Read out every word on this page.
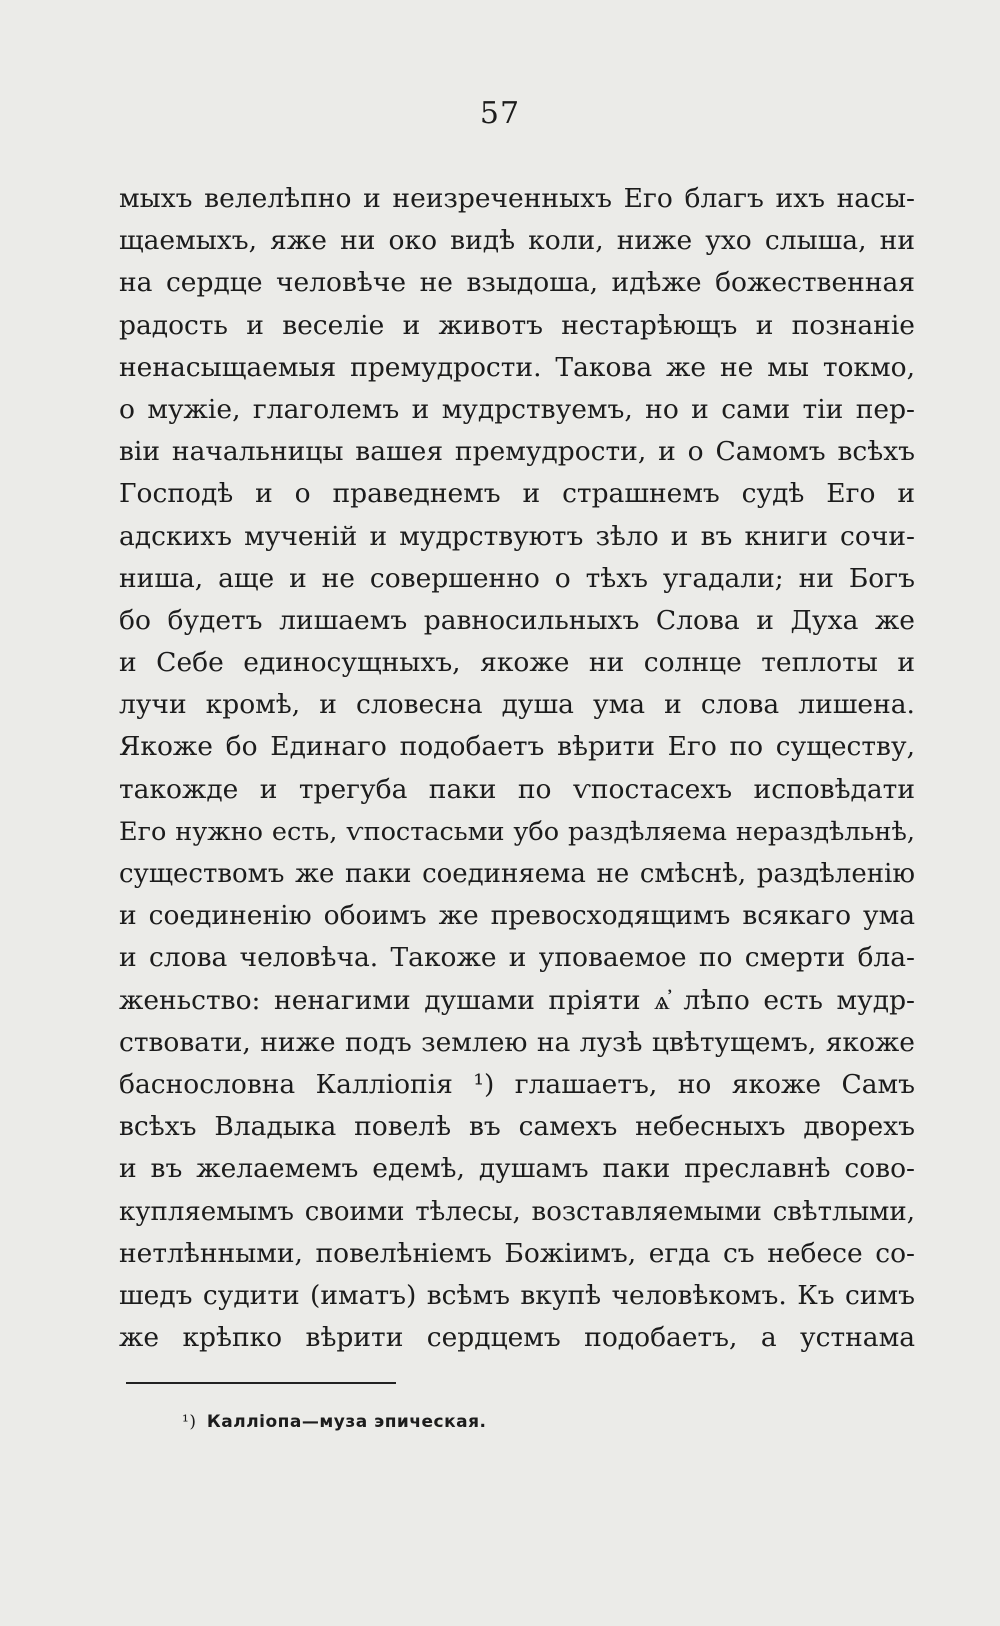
57
мыхъ велелѣпно и неизреченныхъ Его благъ ихъ насы-
щаемыхъ, яже ни око видѣ коли, ниже ухо слыша, ни
на сердце человѣче не взыдоша, идѣже божественная
радость и веселіе и животъ нестарѣющъ и познаніе
ненасыщаемыя премудрости. Такова же не мы токмо,
о мужіе, глаголемъ и мудрствуемъ, но и сами тіи пер-
віи начальницы вашея премудрости, и о Самомъ всѣхъ
Господѣ и о праведнемъ и страшнемъ судѣ Его и
адскихъ мученій и мудрствуютъ зѣло и въ книги сочи-
ниша, аще и не совершенно о тѣхъ угадали; ни Богъ
бо будетъ лишаемъ равносильныхъ Слова и Духа же
и Себе единосущныхъ, якоже ни солнце теплоты и
лучи кромѣ, и словесна душа ума и слова лишена.
Якоже бо Единаго подобаетъ вѣрити Его по существу,
такожде и трегуба паки по ѵпостасехъ исповѣдати
Его нужно есть, ѵпостасьми убо раздѣляема нераздѣльнѣ,
существомъ же паки соединяема не смѣснѣ, раздѣленію
и соединенію обоимъ же превосходящимъ всякаго ума
и слова человѣча. Такоже и уповаемое по смерти бла-
женьство: ненагими душами пріяти ѧ҆ лѣпо есть мудр-
ствовати, ниже подъ землею на лузѣ цвѣтущемъ, якоже
баснословна Каллiопія ¹) глашаетъ, но якоже Самъ
всѣхъ Владыка повелѣ въ самехъ небесныхъ дворехъ
и въ желаемемъ едемѣ, душамъ паки преславнѣ сово-
купляемымъ своими тѣлесы, возставляемыми свѣтлыми,
нетлѣнными, повелѣніемъ Божіимъ, егда съ небесе со-
шедъ судити (иматъ) всѣмъ вкупѣ человѣкомъ. Къ симъ
же крѣпко вѣрити сердцемъ подобаетъ, а устнама
¹) Калліопа—муза эпическая.
